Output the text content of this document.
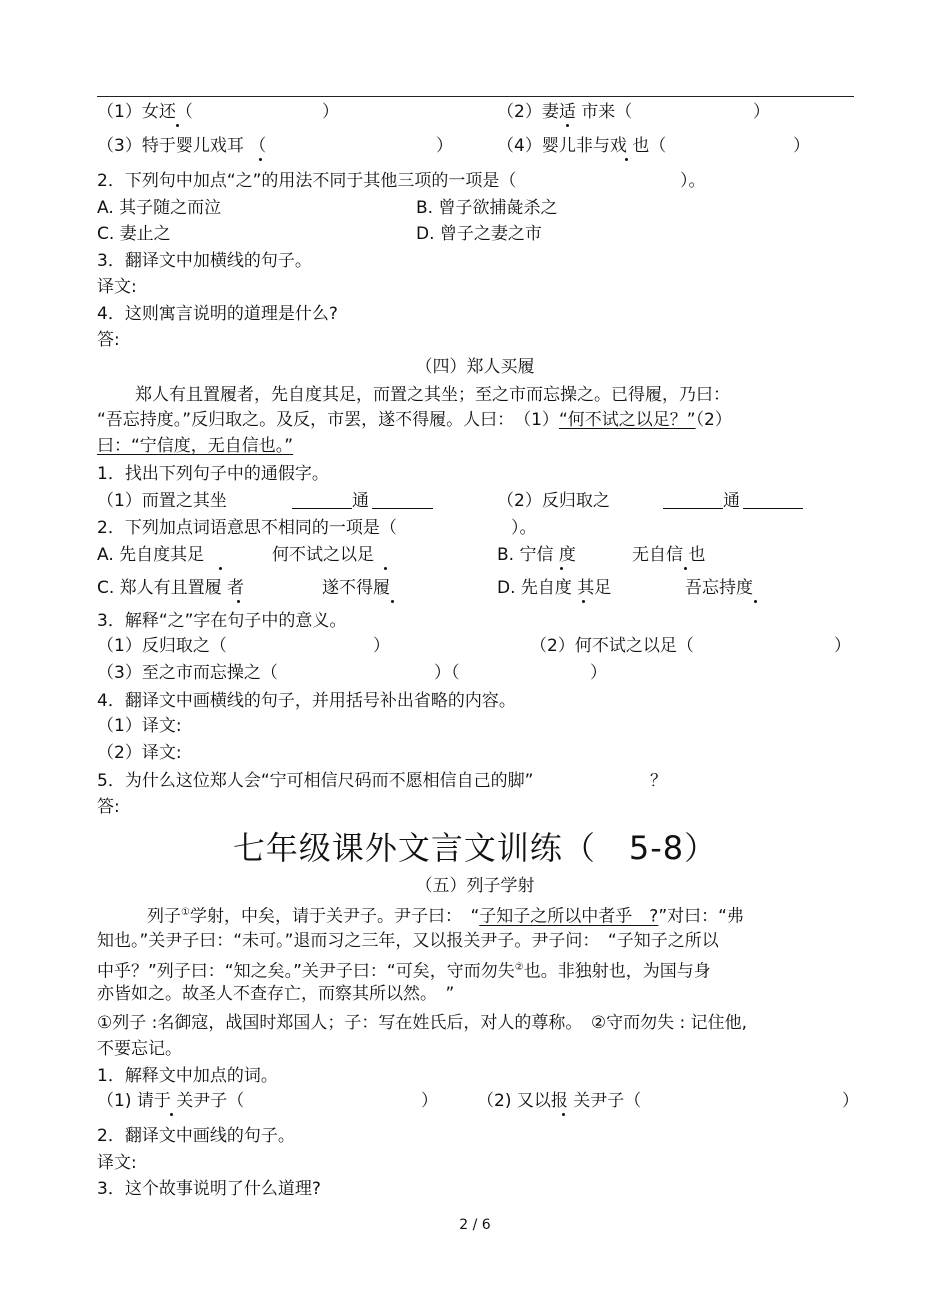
（1）女还（	）	（2）妻适 市来（	）
（3）特于婴儿戏耳 （	）	（4）婴儿非与戏 也（	）
2．下列句中加点“之”的用法不同于其他三项的一项是（	）。
A. 其子随之而泣	B. 曾子欲捕彘杀之
C. 妻止之	D. 曾子之妻之市
3．翻译文中加横线的句子。
译文:
4．这则寓言说明的道理是什么?
答:
（四）郑人买履
郑人有且置履者，先自度其足，而置之其坐；至之市而忘操之。已得履，乃曰：
“吾忘持度。”反归取之。及反，市罢，遂不得履。人曰：　（1）“何不试之以足？”（2）
曰：“宁信度，无自信也。”
1．找出下列句子中的通假字。
（1）而置之其坐	通	（2）反归取之	通
2．下列加点词语意思不相同的一项是（	）。
A. 先自度其足	何不试之以足	B. 宁信 度	无自信 也
C. 郑人有且置履 者	遂不得履	D. 先自度 其足	吾忘持度
3．解释“之”字在句子中的意义。
（1）反归取之（	）	（2）何不试之以足（	）
（3）至之市而忘操之（	）（	）
4．翻译文中画横线的句子，并用括号补出省略的内容。
（1）译文:
（2）译文:
5．为什么这位郑人会“宁可相信尺码而不愿相信自己的脚”	？
答:
七年级课外文言文训练（　5-8）
（五）列子学射
列子①学射，中矣，请于关尹子。尹子曰：　“子知子之所以中者乎　?”对曰：“弗
知也。”关尹子曰：“未可。”退而习之三年，又以报关尹子。尹子问：　“子知子之所以
中乎？”列子曰：“知之矣。”关尹子曰：“可矣，守而勿失②也。非独射也，为国与身
亦皆如之。故圣人不查存亡，而察其所以然。　”
①列子 :名御寇，战国时郑国人；子：写在姓氏后，对人的尊称。　②守而勿失 : 记住他,
不要忘记。
1．解释文中加点的词。
（1) 请于 关尹子（	） （2) 又以报 关尹子（	）
2．翻译文中画线的句子。
译文:
3．这个故事说明了什么道理?
2 / 6
